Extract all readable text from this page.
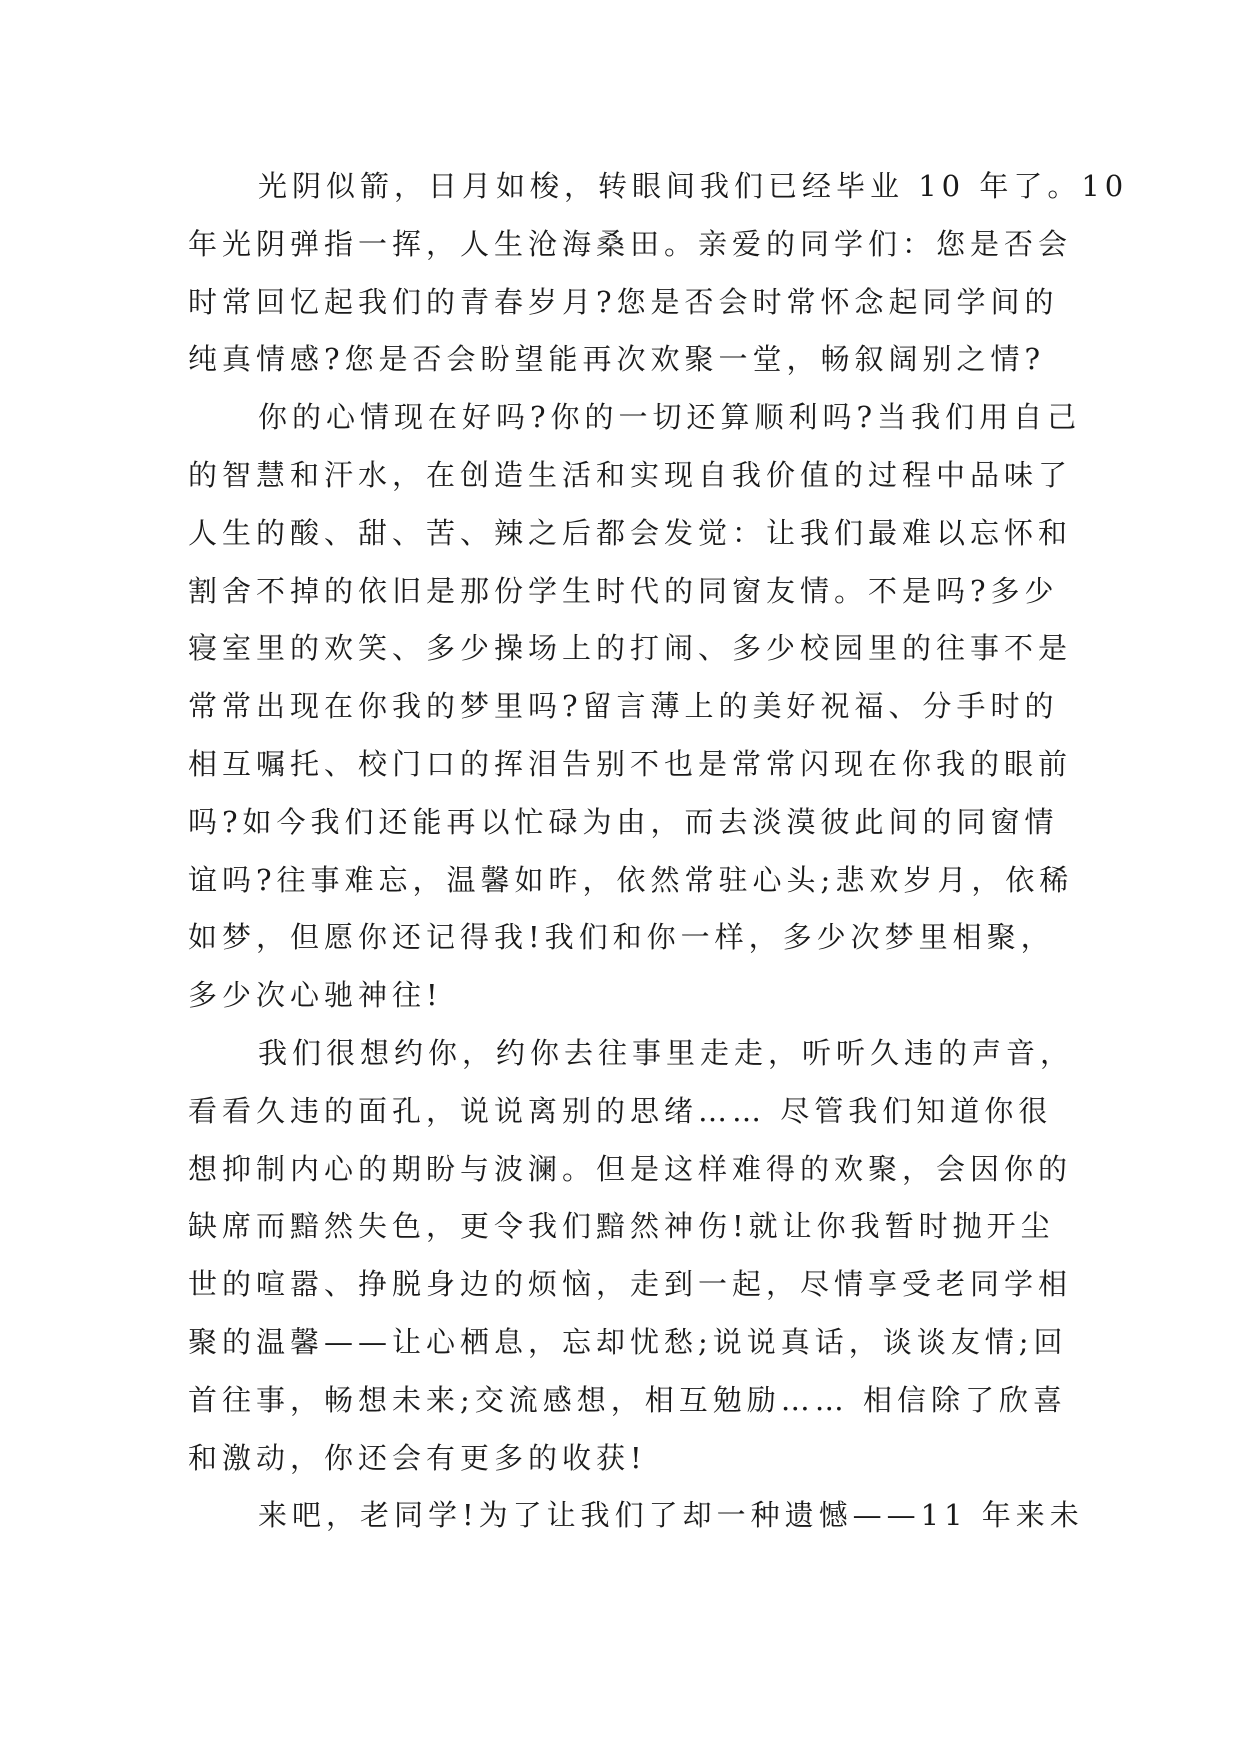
光阴似箭，日月如梭，转眼间我们已经毕业 10 年了。10
年光阴弹指一挥，人生沧海桑田。亲爱的同学们：您是否会
时常回忆起我们的青春岁月?您是否会时常怀念起同学间的
纯真情感?您是否会盼望能再次欢聚一堂，畅叙阔别之情?
你的心情现在好吗?你的一切还算顺利吗?当我们用自己
的智慧和汗水，在创造生活和实现自我价值的过程中品味了
人生的酸、甜、苦、辣之后都会发觉：让我们最难以忘怀和
割舍不掉的依旧是那份学生时代的同窗友情。不是吗?多少
寝室里的欢笑、多少操场上的打闹、多少校园里的往事不是
常常出现在你我的梦里吗?留言薄上的美好祝福、分手时的
相互嘱托、校门口的挥泪告别不也是常常闪现在你我的眼前
吗?如今我们还能再以忙碌为由，而去淡漠彼此间的同窗情
谊吗?往事难忘，温馨如昨，依然常驻心头;悲欢岁月，依稀
如梦，但愿你还记得我!我们和你一样，多少次梦里相聚，
多少次心驰神往!
我们很想约你，约你去往事里走走，听听久违的声音，
看看久违的面孔，说说离别的思绪…… 尽管我们知道你很
想抑制内心的期盼与波澜。但是这样难得的欢聚，会因你的
缺席而黯然失色，更令我们黯然神伤!就让你我暂时抛开尘
世的喧嚣、挣脱身边的烦恼，走到一起，尽情享受老同学相
聚的温馨——让心栖息，忘却忧愁;说说真话，谈谈友情;回
首往事，畅想未来;交流感想，相互勉励…… 相信除了欣喜
和激动，你还会有更多的收获!
来吧，老同学!为了让我们了却一种遗憾——11 年来未
